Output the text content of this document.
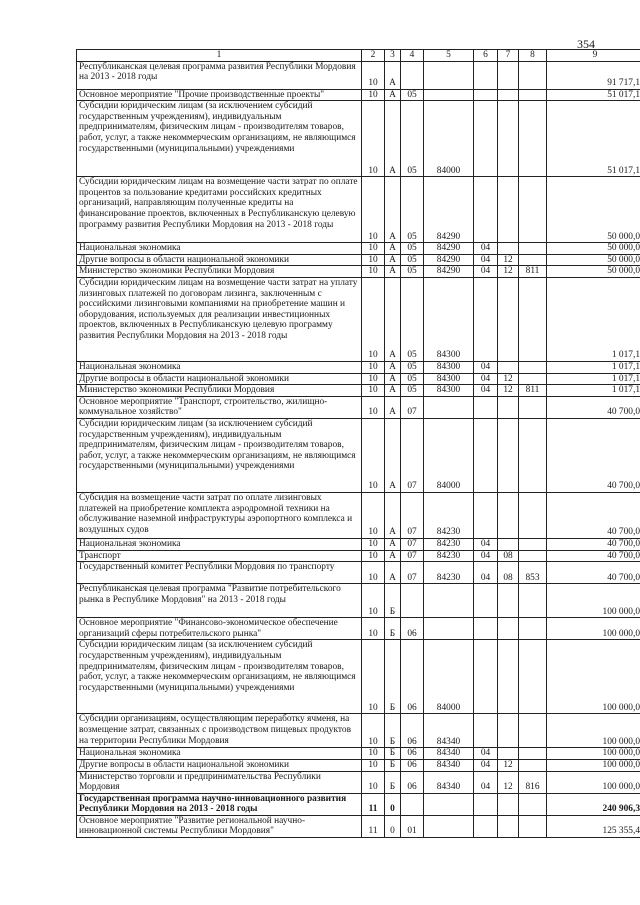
354
1	2	3	4	5	6	7	8	9
Республиканская целевая программа развития Республики Мордовия на 2013 - 2018 годы	10	А						91 717,1
Основное мероприятие "Прочие производственные проекты"	10	А	05					51 017,1
Субсидии юридическим лицам (за исключением субсидий государственным учреждениям), индивидуальным предпринимателям, физическим лицам - производителям товаров, работ, услуг, а также некоммерческим организациям, не являющимся государственными (муниципальными) учреждениями	10	А	05	84000				51 017,1
Субсидии юридическим лицам на возмещение части затрат по оплате процентов за пользование кредитами российских кредитных организаций, направляющим полученные кредиты на финансирование проектов, включенных в Республиканскую целевую программу развития Республики Мордовия на 2013 - 2018 годы	10	А	05	84290				50 000,0
Национальная экономика	10	А	05	84290	04			50 000,0
Другие вопросы в области национальной экономики	10	А	05	84290	04	12		50 000,0
Министерство экономики Республики Мордовия	10	А	05	84290	04	12	811	50 000,0
Субсидии юридическим лицам на возмещение части затрат на уплату лизинговых платежей по договорам лизинга, заключенным с российскими лизинговыми компаниями на приобретение машин и оборудования, используемых для реализации инвестиционных проектов, включенных в Республиканскую целевую программу развития Республики Мордовия на 2013 - 2018 годы	10	А	05	84300				1 017,1
Национальная экономика	10	А	05	84300	04			1 017,1
Другие вопросы в области национальной экономики	10	А	05	84300	04	12		1 017,1
Министерство экономики Республики Мордовия	10	А	05	84300	04	12	811	1 017,1
Основное мероприятие "Транспорт, строительство, жилищно-коммунальное хозяйство"	10	А	07					40 700,0
Субсидии юридическим лицам (за исключением субсидий государственным учреждениям), индивидуальным предпринимателям, физическим лицам - производителям товаров, работ, услуг, а также некоммерческим организациям, не являющимся государственными (муниципальными) учреждениями	10	А	07	84000				40 700,0
Субсидия на возмещение части затрат по оплате лизинговых платежей на приобретение комплекта аэродромной техники на обслуживание наземной инфраструктуры аэропортного комплекса и воздушных судов	10	А	07	84230				40 700,0
Национальная экономика	10	А	07	84230	04			40 700,0
Транспорт	10	А	07	84230	04	08		40 700,0
Государственный комитет Республики Мордовия по транспорту	10	А	07	84230	04	08	853	40 700,0
Республиканская целевая программа "Развитие потребительского рынка в Республике Мордовия" на 2013 - 2018 годы	10	Б						100 000,0
Основное мероприятие "Финансово-экономическое обеспечение организаций сферы потребительского рынка"	10	Б	06					100 000,0
Субсидии юридическим лицам (за исключением субсидий государственным учреждениям), индивидуальным предпринимателям, физическим лицам - производителям товаров, работ, услуг, а также некоммерческим организациям, не являющимся государственными (муниципальными) учреждениями	10	Б	06	84000				100 000,0
Субсидии организациям, осуществляющим переработку ячменя, на возмещение затрат, связанных с производством пищевых продуктов на территории Республики Мордовия	10	Б	06	84340				100 000,0
Национальная экономика	10	Б	06	84340	04			100 000,0
Другие вопросы в области национальной экономики	10	Б	06	84340	04	12		100 000,0
Министерство торговли и предпринимательства Республики Мордовия	10	Б	06	84340	04	12	816	100 000,0
Государственная программа научно-инновационного развития Республики Мордовия на 2013 - 2018 годы	11	0						240 906,3
Основное мероприятие "Развитие региональной научно-инновационной системы Республики Мордовия"	11	0	01					125 355,4
